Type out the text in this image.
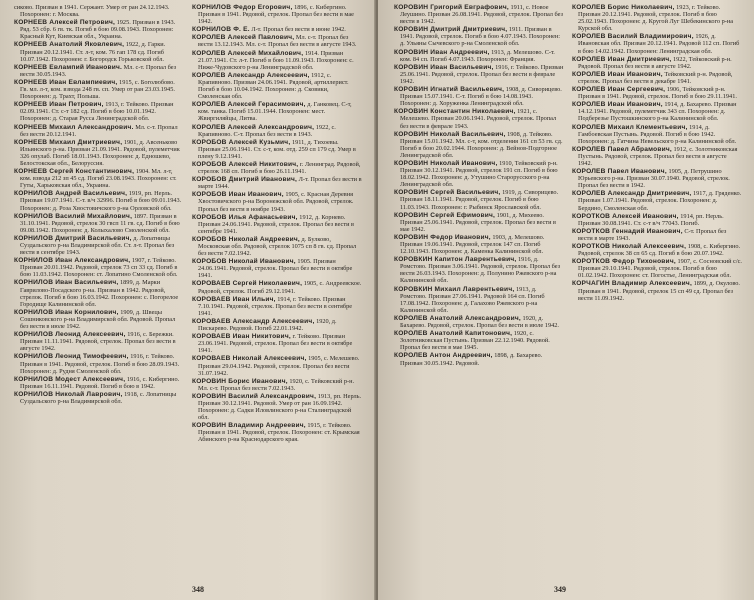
сиково. Призван в 1941. Сержант. Умер от ран 24.12.1943. Похоронен: г. Москва.
КОРНЕЕВ Алексей Петрович, 1925. Призван в 1943. Ряд. 53 сбр. 6 гв. тк. Погиб в бою 09.08.1943. Похоронен: Красный Кут, Киевская обл., Украина.
КОРНЕЕВ Анатолий Яковлевич, 1922, д. Гарки. Призван 20.12.1941. Ст. л-т, ком. 76 гап 178 сд. Погиб 10.07.1942. Похоронен: г. Богородск Горьковской обл.
КОРНЕЕВ Евлампий Иванович. Мл. с-т. Пропал без вести 30.05.1943.
КОРНЕЕВ Иван Евлампиевич, 1915, с. Боголюбово. Гв. мл. л-т, ком. взвода 248 гв. сп. Умер от ран 23.03.1945. Похоронен: д. Трахт, Польша.
КОРНЕЕВ Иван Петрович, 1913, г. Тейково. Призван 02.09.1941. Ст. с-т 182 сд. Погиб в бою 10.01.1942. Похоронен: д. Старая Русса Ленинградской обл.
КОРНЕЕВ Михаил Александрович. Мл. с-т. Пропал без вести 20.12.1941.
КОРНЕЕВ Михаил Дмитриевич, 1901, д. Авсеньково Ильинского р-на. Призван 21.09.1941. Рядовой, пулеметчик 326 опулаб. Погиб 18.01.1943. Похоронен: д. Едношево, Белостокская обл., Белоруссия.
КОРНЕЕВ Сергей Константинович, 1904. Мл. л-т, ком. взвода 212 зп 45 сд. Погиб 23.08.1943. Похоронен: ст. Гуты, Харьковская обл., Украина.
КОРНИЛОВ Андрей Васильевич, 1919, рп. Нерль. Призван 19.07.1941. С-т. в/ч 32996. Погиб в бою 09.01.1943. Похоронен: д. Роза Хвостовичского р-на Орловской обл.
КОРНИЛОВ Василий Михайлович, 1897. Призван в 31.10.1941. Рядовой, стрелок 30 гвсп 11 гв. сд. Погиб в бою 09.08.1942. Похоронен: д. Колыхалово Смоленской обл.
КОРНИЛОВ Дмитрий Васильевич, д. Лопатницы Суздальского р-на Владимирской обл. Ст. л-т. Пропал без вести в сентябре 1943.
КОРНИЛОВ Иван Александрович, 1907, г. Тейково. Призван 20.01.1942. Рядовой, стрелок 73 сп 33 сд. Погиб в бою 11.03.1942. Похоронен: ст. Лопатино Смоленской обл.
КОРНИЛОВ Иван Васильевич, 1899, д. Марки Гаврилово-Посадского р-на. Призван в 1942. Рядовой, стрелок. Погиб в бою 16.03.1942. Похоронен: с. Погорелое Городище Калининской обл.
КОРНИЛОВ Иван Корнилович, 1909, д. Швецы Сошниковского р-на Владимирской обл. Рядовой. Пропал без вести в июле 1942.
КОРНИЛОВ Леонид Алексеевич, 1916, с. Бережки. Призван 11.11.1941. Рядовой, стрелок. Пропал без вести в августе 1942.
КОРНИЛОВ Леонид Тимофеевич, 1916, г. Тейково. Призван в 1941. Рядовой, стрелок. Погиб в бою 28.09.1943. Похоронен: д. Рудня Смоленской обл.
КОРНИЛОВ Модест Алексеевич, 1916, с. Кибергино. Призван 16.11.1941. Рядовой. Погиб в бою в 1942.
КОРНИЛОВ Николай Лаврович, 1918, с. Лопатницы Суздальского р-на Владимирской обл.
КОРНИЛОВ Федор Егорович, 1896, с. Кибергино. Призван в 1941. Рядовой, стрелок. Пропал без вести в мае 1942.
КОРНИЛОВ Ф. Е. Л-т. Пропал без вести в июне 1942.
КОРОЛЕВ Алексей Павлович, Мл. с-т. Пропал без вести 13.12.1943. Мл. с-т. Пропал без вести в августе 1943.
КОРОЛЕВ Алексей Михайлович, 1914. Призван 21.07.1941. Ст. л-т. Погиб в бою 11.09.1943. Похоронен: с. Ниже-Чудовского р-на Ленинградской обл.
КОРОЛЕВ Александр Алексеевич, 1912, с. Крапивново. Призван 24.06.1941. Рядовой, артиллерист. Погиб в бою 10.04.1942. Похоронен: д. Сковики, Смоленская обл.
КОРОЛЕВ Алексей Герасимович, д. Ганковец. С-т, ком. танка. Погиб 15.01.1944. Похоронен: мест. Жвиргиляйцы, Литва.
КОРОЛЕВ Алексей Александрович, 1922, с. Крапивново. С-т. Пропал без вести в 1943.
КОРОБОВ Алексей Кузьмич, 1911, д. Тихоевы. Призван 25.06.1941. Ст. с-т, ком. отд. 259 сп 179 сд. Умер в плену 9.12.1941.
КОРОБОВ Алексей Никитович, г. Ленинград. Рядовой, стрелок 168 сп. Погиб в бою 26.11.1941.
КОРОБОВ Дмитрий Иванович, Л-т. Пропал без вести в марте 1944.
КОРОБОВ Иван Иванович, 1905, с. Красная Деревня Хвостовичского р-на Воронежской обл. Рядовой, стрелок. Пропал без вести в ноябре 1943.
КОРОБОВ Илья Афанасьевич, 1912, д. Корнево. Призван 24.06.1941. Рядовой, стрелок. Пропал без вести в сентябре 1941.
КОРОБОВ Николай Андреевич, д. Булково, Московская обл. Рядовой, стрелок 1075 сп 8 гв. сд. Пропал без вести 7.02.1942.
КОРОБОВ Николай Иванович, 1905. Призван 24.06.1941. Рядовой, стрелок. Пропал без вести в октябре 1941.
КОРОВАЕВ Сергей Николаевич, 1905, с. Андреевское. Рядовой, стрелок. Погиб 29.12.1941.
КОРОВАЕВ Иван Ильич, 1914, г. Тейково. Призван 7.10.1941. Рядовой, стрелок. Пропал без вести в сентябре 1941.
КОРОВАЕВ Александр Алексеевич, 1920, д. Пискарево. Рядовой. Погиб 22.01.1942.
КОРОВАЕВ Иван Никитович, г. Тейково. Призван 23.06.1941. Рядовой, стрелок. Пропал без вести в октябре 1941.
КОРОВАЕВ Николай Алексеевич, 1905, с. Мелешево. Призван 29.04.1942. Рядовой, стрелок. Пропал без вести 31.07.1942.
КОРОВИН Борис Иванович, 1920, с. Тейковский р-н. Мл. с-т. Пропал без вести 7.02.1943.
КОРОВИН Василий Александрович, 1913, рп. Нерль. Призван 30.12.1941. Рядовой. Умер от ран 16.09.1942. Похоронен: д. Садки Иловлинского р-на Сталинградской обл.
КОРОВИН Владимир Андреевич, 1915, г. Тейково. Призван в 1941. Рядовой, стрелок. Похоронен: ст. Крымская Абинского р-на Краснодарского края.
348
КОРОВИН Григорий Евграфович, 1911, с. Новое Леушино. Призван 26.08.1941. Рядовой, стрелок. Пропал без вести в 1942.
КОРОВИН Дмитрий Дмитриевич, 1911. Призван в 1941. Рядовой, стрелок. Погиб в бою 4.07.1943. Похоронен: д. Ульяны Сычевского р-на Смоленской обл.
КОРОВИН Иван Андреевич, 1913, д. Мелешово. С-т. ком. 84 сп. Погиб 4.07.1943. Похоронен: Франция.
КОРОВИН Иван Васильевич, 1916, г. Тейково. Призван 25.06.1941. Рядовой, стрелок. Пропал без вести в феврале 1942.
КОРОВИН Игнатий Васильевич, 1908, д. Сиворицево. Призван 15.07.1941. С-т. Погиб в бою 14.08.1943. Похоронен: д. Хоруженка Ленинградской обл.
КОРОВИН Константин Николаевич, 1921, с. Мелешево. Призван 20.06.1941. Рядовой, стрелок. Пропал без вести в феврале 1943.
КОРОВИН Николай Васильевич, 1908, д. Тейково. Призван 15.01.1942. Мл. с-т, ком. отделения 161 сп 53 гв. сд. Погиб в бою 20.02.1944. Похоронен: д. Вейнов-Подгорное Ленинградской обл.
КОРОВИН Николай Иванович, 1910, Тейковский р-н. Призван 30.12.1941. Рядовой, стрелок 191 сп. Погиб в бою 18.02.1942. Похоронен: д. Утушино Старорусского р-на Ленинградской обл.
КОРОВИН Сергей Васильевич, 1919, д. Сиворицево. Призван 18.11.1941. Рядовой, стрелок. Погиб в бою 11.03.1943. Похоронен: г. Рыбинск Ярославской обл.
КОРОВИН Сергей Ефимович, 1901, д. Михеево. Призван 25.06.1941. Рядовой, стрелок. Пропал без вести в мае 1942.
КОРОВИН Федор Иванович, 1903, д. Мелешово. Призван 19.06.1941. Рядовой, стрелок 147 сп. Погиб 12.10.1943. Похоронен: д. Каменка Калининской обл.
КОРОВКИН Капитон Лаврентьевич, 1916, д. Ромстово. Призван 3.06.1941. Рядовой, стрелок. Пропал без вести 26.03.1943. Похоронен: д. Полунино Ржевского р-на Калининской обл.
КОРОВКИН Михаил Лаврентьевич, 1913, д. Ромстово. Призван 27.06.1941. Рядовой 164 сп. Погиб 17.08.1942. Похоронен: д. Галахово Ржевского р-на Калининской обл.
КОРОЛЕВ Анатолий Александрович, 1920, д. Бахарево. Рядовой, стрелок. Пропал без вести в июле 1942.
КОРОЛЕВ Анатолий Капитонович, 1920, с. Золотниковская Пустынь. Призван 22.12.1940. Рядовой. Пропал без вести в мае 1945.
КОРОЛЕВ Антон Андреевич, 1898, д. Бахарево. Призван 30.05.1942. Рядовой.
КОРОЛЕВ Борис Николаевич, 1923, г. Тейково. Призван 20.12.1941. Рядовой, стрелок. Погиб в бою 25.02.1943. Похоронен: д. Кругой Луг Шебекинского р-на Курской обл.
КОРОЛЕВ Василий Владимирович, 1926, д. Ивановская обл. Призван 20.12.1941. Рядовой 112 сп. Погиб в бою 14.02.1942. Похоронен: Ленинградская обл.
КОРОЛЕВ Иван Дмитриевич, 1922, Тейковский р-н. Рядовой. Пропал без вести в августе 1942.
КОРОЛЕВ Иван Иванович, Тейковский р-н. Рядовой, стрелок. Пропал без вести в декабре 1941.
КОРОЛЕВ Иван Сергеевич, 1906, Тейковский р-н. Призван в 1941. Рядовой, стрелок. Погиб в бою 29.11.1941.
КОРОЛЕВ Иван Иванович, 1914, д. Бахарево. Призван 14.12.1941. Рядовой, пулеметчик 343 сп. Похоронен: д. Подберезье Пустошкинского р-на Калининской обл.
КОРОЛЕВ Михаил Клементьевич, 1914, д. Гамбоевская Пустынь. Рядовой. Погиб в бою 1942. Похоронен: д. Гатчина Невельского р-на Калининской обл.
КОРОЛЕВ Павел Абрамович, 1912, с. Золотниковская Пустынь. Рядовой, стрелок. Пропал без вести в августе 1942.
КОРОЛЕВ Павел Иванович, 1905, д. Петрушино Юрьевского р-на. Призван 30.07.1940. Рядовой, стрелок. Пропал без вести в 1942.
КОРОЛЕВ Александр Дмитриевич, 1917, д. Гряденко. Призван 1.07.1941. Рядовой, стрелок. Похоронен: д. Бердино, Смоленская обл.
КОРОТКОВ Алексей Иванович, 1914, рп. Нерль. Призван 30.08.1941. Ст. с-т в/ч 77043. Погиб.
КОРОТКОВ Геннадий Иванович, С-т. Пропал без вести в марте 1943.
КОРОТКОВ Николай Алексеевич, 1908, с. Кибергино. Рядовой, стрелок 38 сп 65 сд. Погиб в бою 20.07.1942.
КОРОТКОВ Федор Тихонович, 1907, с. Сосновский с/с. Призван 29.10.1941. Рядовой, стрелок. Погиб в бою 01.02.1942. Похоронен: ст. Погостье, Ленинградская обл.
КОРЧАГИН Владимир Алексеевич, 1899, д. Окулово. Призван в 1941. Рядовой, стрелок 15 сп 49 сд. Пропал без вести 11.09.1942.
349
